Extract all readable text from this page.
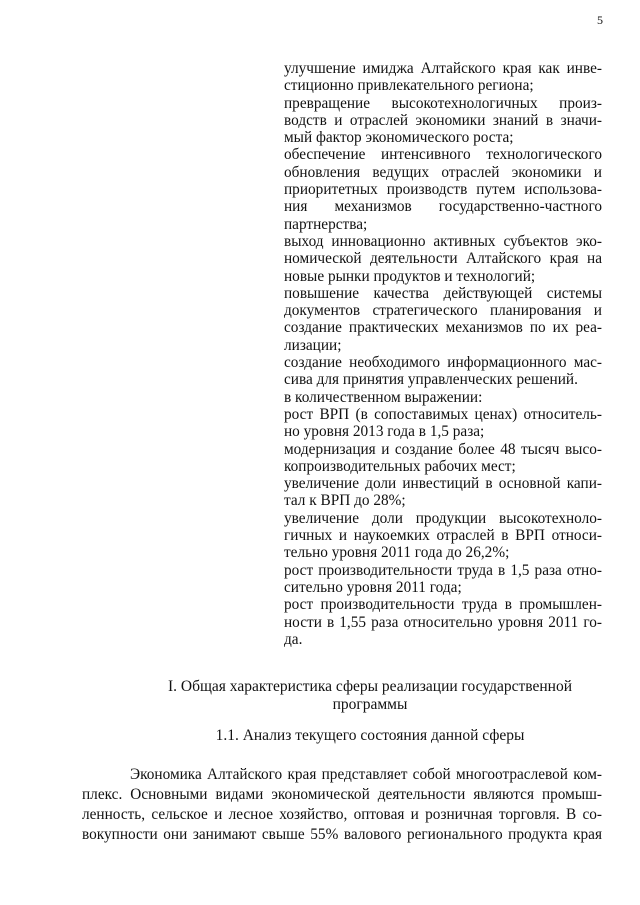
5
улучшение имиджа Алтайского края как инве-
стиционно привлекательного региона;
превращение высокотехнологичных произ-
водств и отраслей экономики знаний в значи-
мый фактор экономического роста;
обеспечение интенсивного технологического
обновления ведущих отраслей экономики и
приоритетных производств путем использова-
ния механизмов государственно-частного
партнерства;
выход инновационно активных субъектов эко-
номической деятельности Алтайского края на
новые рынки продуктов и технологий;
повышение качества действующей системы
документов стратегического планирования и
создание практических механизмов по их реа-
лизации;
создание необходимого информационного мас-
сива для принятия управленческих решений.
в количественном выражении:
рост ВРП (в сопоставимых ценах) относитель-
но уровня 2013 года в 1,5 раза;
модернизация и создание более 48 тысяч высо-
копроизводительных рабочих мест;
увеличение доли инвестиций в основной капи-
тал к ВРП до 28%;
увеличение доли продукции высокотехноло-
гичных и наукоемких отраслей в ВРП относи-
тельно уровня 2011 года до 26,2%;
рост производительности труда в 1,5 раза отно-
сительно уровня 2011 года;
рост производительности труда в промышлен-
ности в 1,55 раза относительно уровня 2011 го-
да.
I. Общая характеристика сферы реализации государственной
программы
1.1. Анализ текущего состояния данной сферы
Экономика Алтайского края представляет собой многоотраслевой ком-
плекс. Основными видами экономической деятельности являются промыш-
ленность, сельское и лесное хозяйство, оптовая и розничная торговля. В со-
вокупности они занимают свыше 55% валового регионального продукта края
